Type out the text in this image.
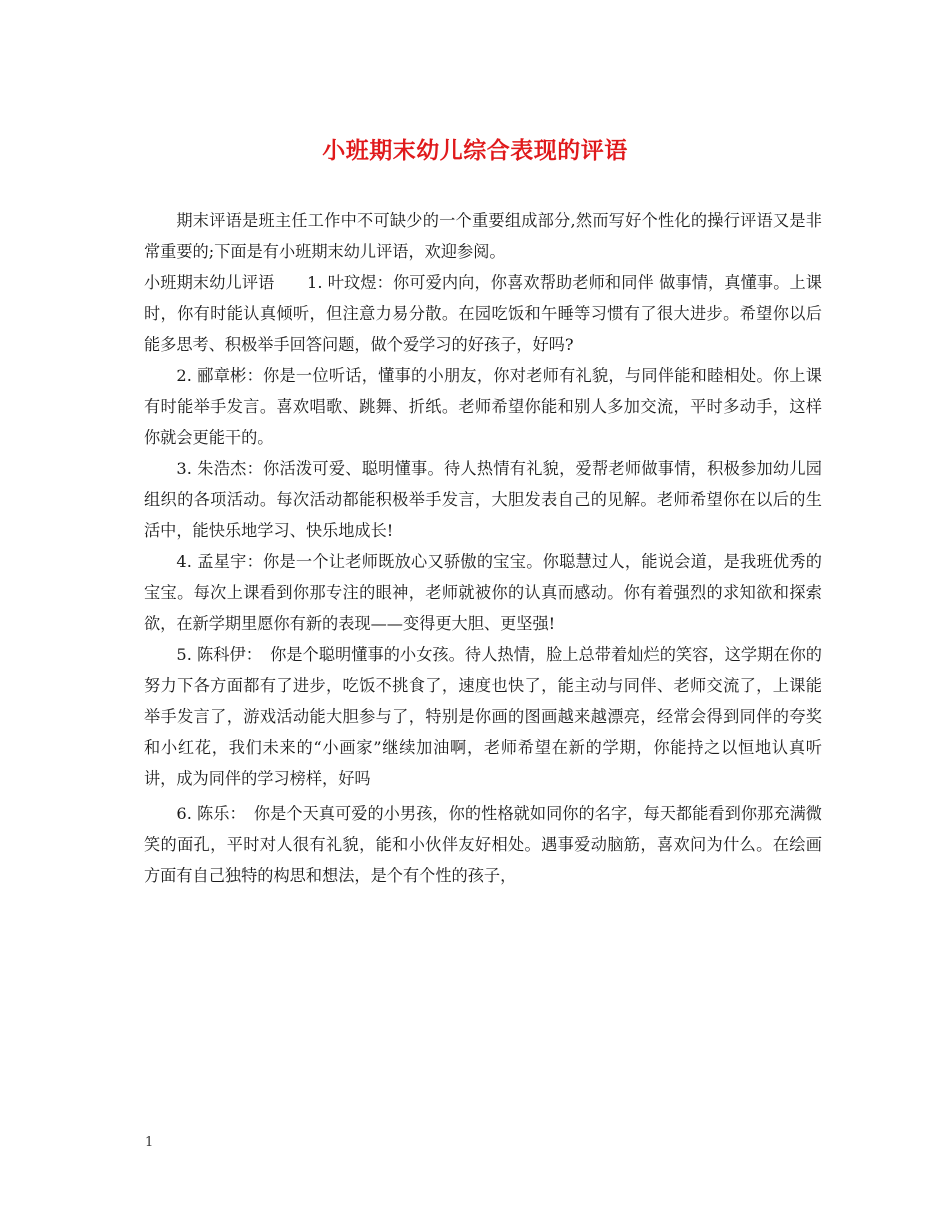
小班期末幼儿综合表现的评语

期末评语是班主任工作中不可缺少的一个重要组成部分,然而写好个性化的操行评语又是非常重要的;下面是有小班期末幼儿评语，欢迎参阅。

小班期末幼儿评语　　1. 叶玟煜：你可爱内向，你喜欢帮助老师和同伴 做事情，真懂事。上课时，你有时能认真倾听，但注意力易分散。在园吃饭和午睡等习惯有了很大进步。希望你以后能多思考、积极举手回答问题，做个爱学习的好孩子，好吗?

2. 郦章彬：你是一位听话，懂事的小朋友，你对老师有礼貌，与同伴能和睦相处。你上课有时能举手发言。喜欢唱歌、跳舞、折纸。老师希望你能和别人多加交流，平时多动手，这样你就会更能干的。

3. 朱浩杰：你活泼可爱、聪明懂事。待人热情有礼貌，爱帮老师做事情，积极参加幼儿园组织的各项活动。每次活动都能积极举手发言，大胆发表自己的见解。老师希望你在以后的生活中，能快乐地学习、快乐地成长!

4. 孟星宇：你是一个让老师既放心又骄傲的宝宝。你聪慧过人，能说会道，是我班优秀的宝宝。每次上课看到你那专注的眼神，老师就被你的认真而感动。你有着强烈的求知欲和探索欲，在新学期里愿你有新的表现——变得更大胆、更坚强!

5. 陈科伊：　你是个聪明懂事的小女孩。待人热情，脸上总带着灿烂的笑容，这学期在你的努力下各方面都有了进步，吃饭不挑食了，速度也快了，能主动与同伴、老师交流了，上课能举手发言了，游戏活动能大胆参与了，特别是你画的图画越来越漂亮，经常会得到同伴的夸奖和小红花，我们未来的“小画家”继续加油啊，老师希望在新的学期，你能持之以恒地认真听讲，成为同伴的学习榜样，好吗

6. 陈乐：　你是个天真可爱的小男孩，你的性格就如同你的名字，每天都能看到你那充满微笑的面孔，平时对人很有礼貌，能和小伙伴友好相处。遇事爱动脑筋，喜欢问为什么。在绘画方面有自己独特的构思和想法，是个有个性的孩子，

1
